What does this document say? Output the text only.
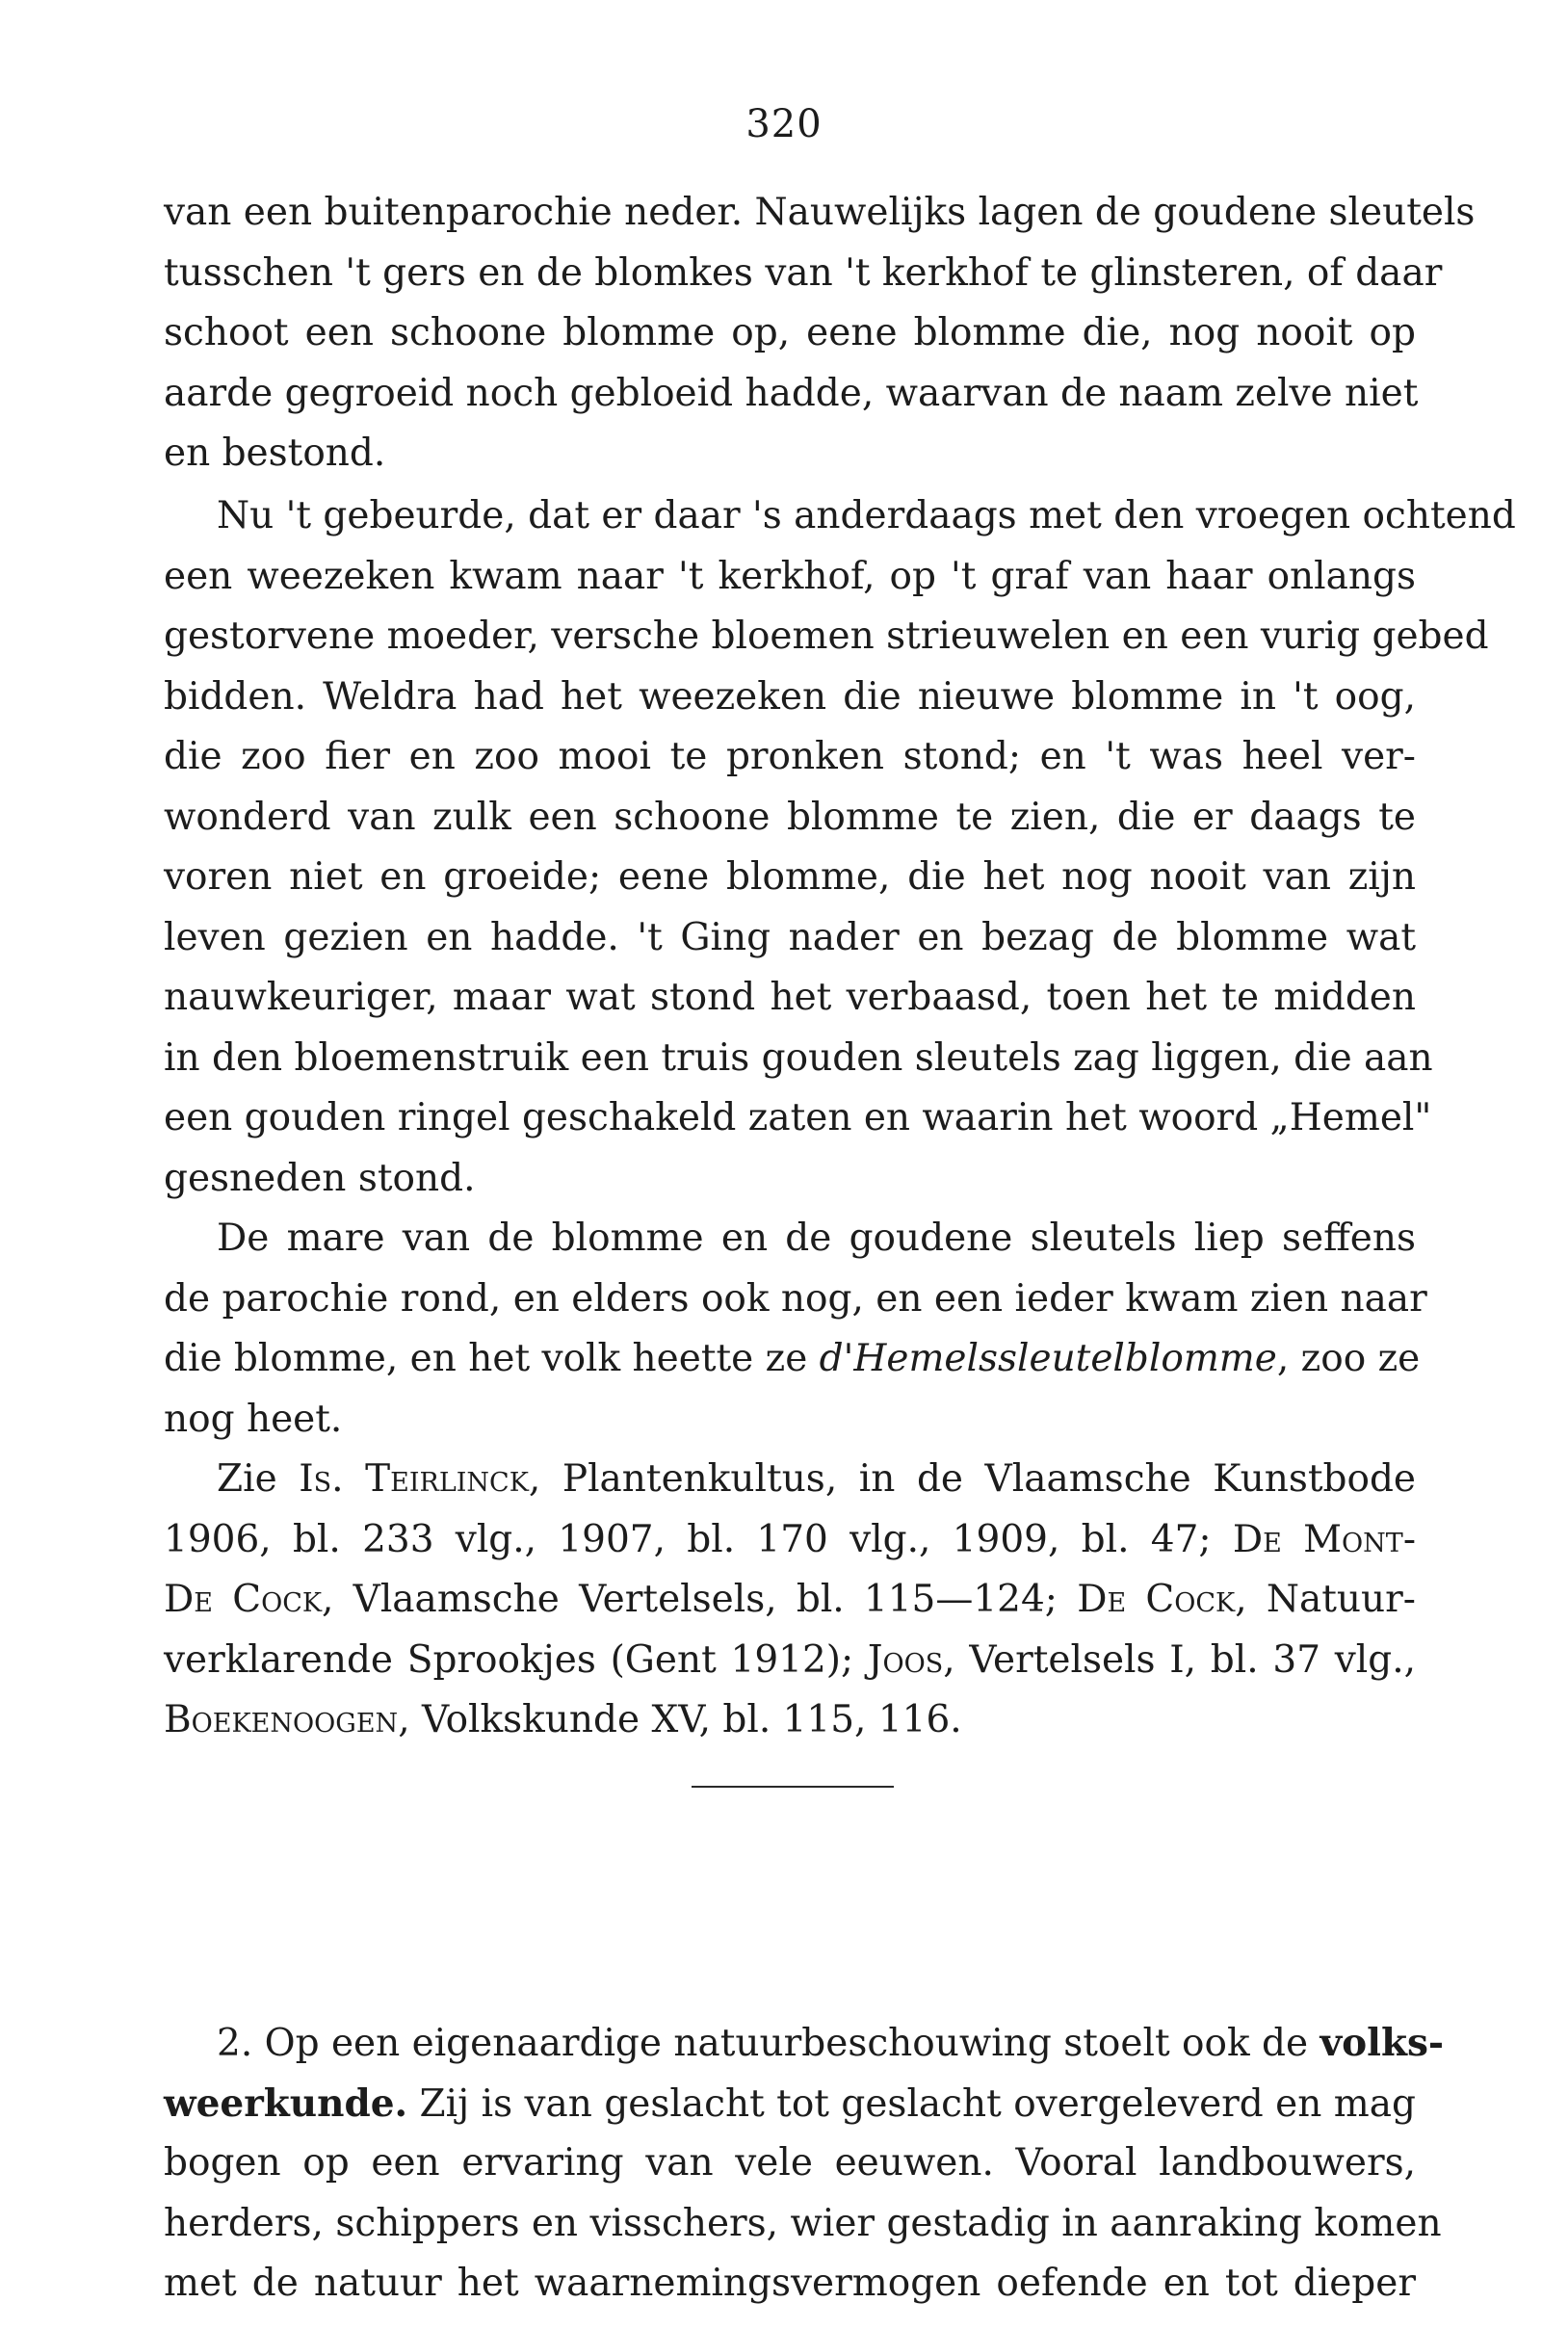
320
van een buitenparochie neder. Nauwelijks lagen de goudene sleutels
tusschen 't gers en de blomkes van 't kerkhof te glinsteren, of daar
schoot een schoone blomme op, eene blomme die, nog nooit op
aarde gegroeid noch gebloeid hadde, waarvan de naam zelve niet
en bestond.
Nu 't gebeurde, dat er daar 's anderdaags met den vroegen ochtend
een weezeken kwam naar 't kerkhof, op 't graf van haar onlangs
gestorvene moeder, versche bloemen strieuwelen en een vurig gebed
bidden. Weldra had het weezeken die nieuwe blomme in 't oog,
die zoo fier en zoo mooi te pronken stond; en 't was heel ver-
wonderd van zulk een schoone blomme te zien, die er daags te
voren niet en groeide; eene blomme, die het nog nooit van zijn
leven gezien en hadde. 't Ging nader en bezag de blomme wat
nauwkeuriger, maar wat stond het verbaasd, toen het te midden
in den bloemenstruik een truis gouden sleutels zag liggen, die aan
een gouden ringel geschakeld zaten en waarin het woord „Hemel"
gesneden stond.
De mare van de blomme en de goudene sleutels liep seffens
de parochie rond, en elders ook nog, en een ieder kwam zien naar
die blomme, en het volk heette ze d'Hemelssleutelblomme, zoo ze
nog heet.
Zie Is. Teirlinck, Plantenkultus, in de Vlaamsche Kunstbode
1906, bl. 233 vlg., 1907, bl. 170 vlg., 1909, bl. 47; De Mont-
De Cock, Vlaamsche Vertelsels, bl. 115—124; De Cock, Natuur-
verklarende Sprookjes (Gent 1912); Joos, Vertelsels I, bl. 37 vlg.,
Boekenoogen, Volkskunde XV, bl. 115, 116.
2. Op een eigenaardige natuurbeschouwing stoelt ook de volks-
weerkunde. Zij is van geslacht tot geslacht overgeleverd en mag
bogen op een ervaring van vele eeuwen. Vooral landbouwers,
herders, schippers en visschers, wier gestadig in aanraking komen
met de natuur het waarnemingsvermogen oefende en tot dieper
